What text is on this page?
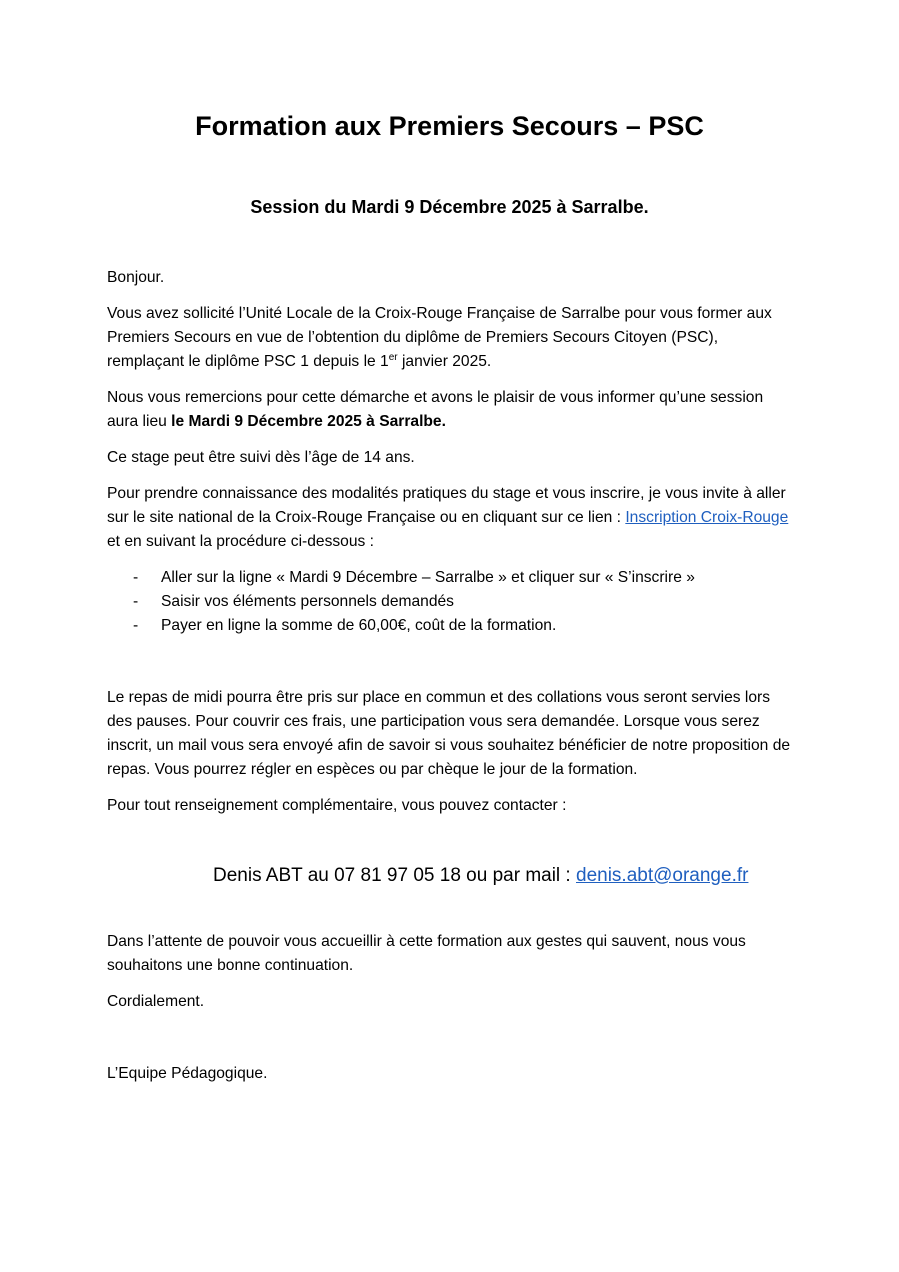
Formation aux Premiers Secours – PSC
Session du Mardi 9 Décembre 2025 à Sarralbe.

Bonjour.

Vous avez sollicité l’Unité Locale de la Croix-Rouge Française de Sarralbe pour vous former aux Premiers Secours en vue de l’obtention du diplôme de Premiers Secours Citoyen (PSC), remplaçant le diplôme PSC 1 depuis le 1er janvier 2025.

Nous vous remercions pour cette démarche et avons le plaisir de vous informer qu’une session aura lieu le Mardi 9 Décembre 2025 à Sarralbe.

Ce stage peut être suivi dès l’âge de 14 ans.

Pour prendre connaissance des modalités pratiques du stage et vous inscrire, je vous invite à aller sur le site national de la Croix-Rouge Française ou en cliquant sur ce lien : Inscription Croix-Rouge  et en suivant la procédure ci-dessous :

- Aller sur la ligne « Mardi 9 Décembre – Sarralbe » et cliquer sur « S’inscrire »
- Saisir vos éléments personnels demandés
- Payer en ligne la somme de 60,00€, coût de la formation.

Le repas de midi pourra être pris sur place en commun et des collations vous seront servies lors des pauses. Pour couvrir ces frais, une participation vous sera demandée. Lorsque vous serez inscrit, un mail vous sera envoyé afin de savoir si vous souhaitez bénéficier de notre proposition de repas. Vous pourrez régler en espèces ou par chèque le jour de la formation.

Pour tout renseignement complémentaire, vous pouvez contacter :

Denis ABT au 07 81 97 05 18 ou par mail : denis.abt@orange.fr

Dans l’attente de pouvoir vous accueillir à cette formation aux gestes qui sauvent, nous vous souhaitons une bonne continuation.

Cordialement.

L’Equipe Pédagogique.
